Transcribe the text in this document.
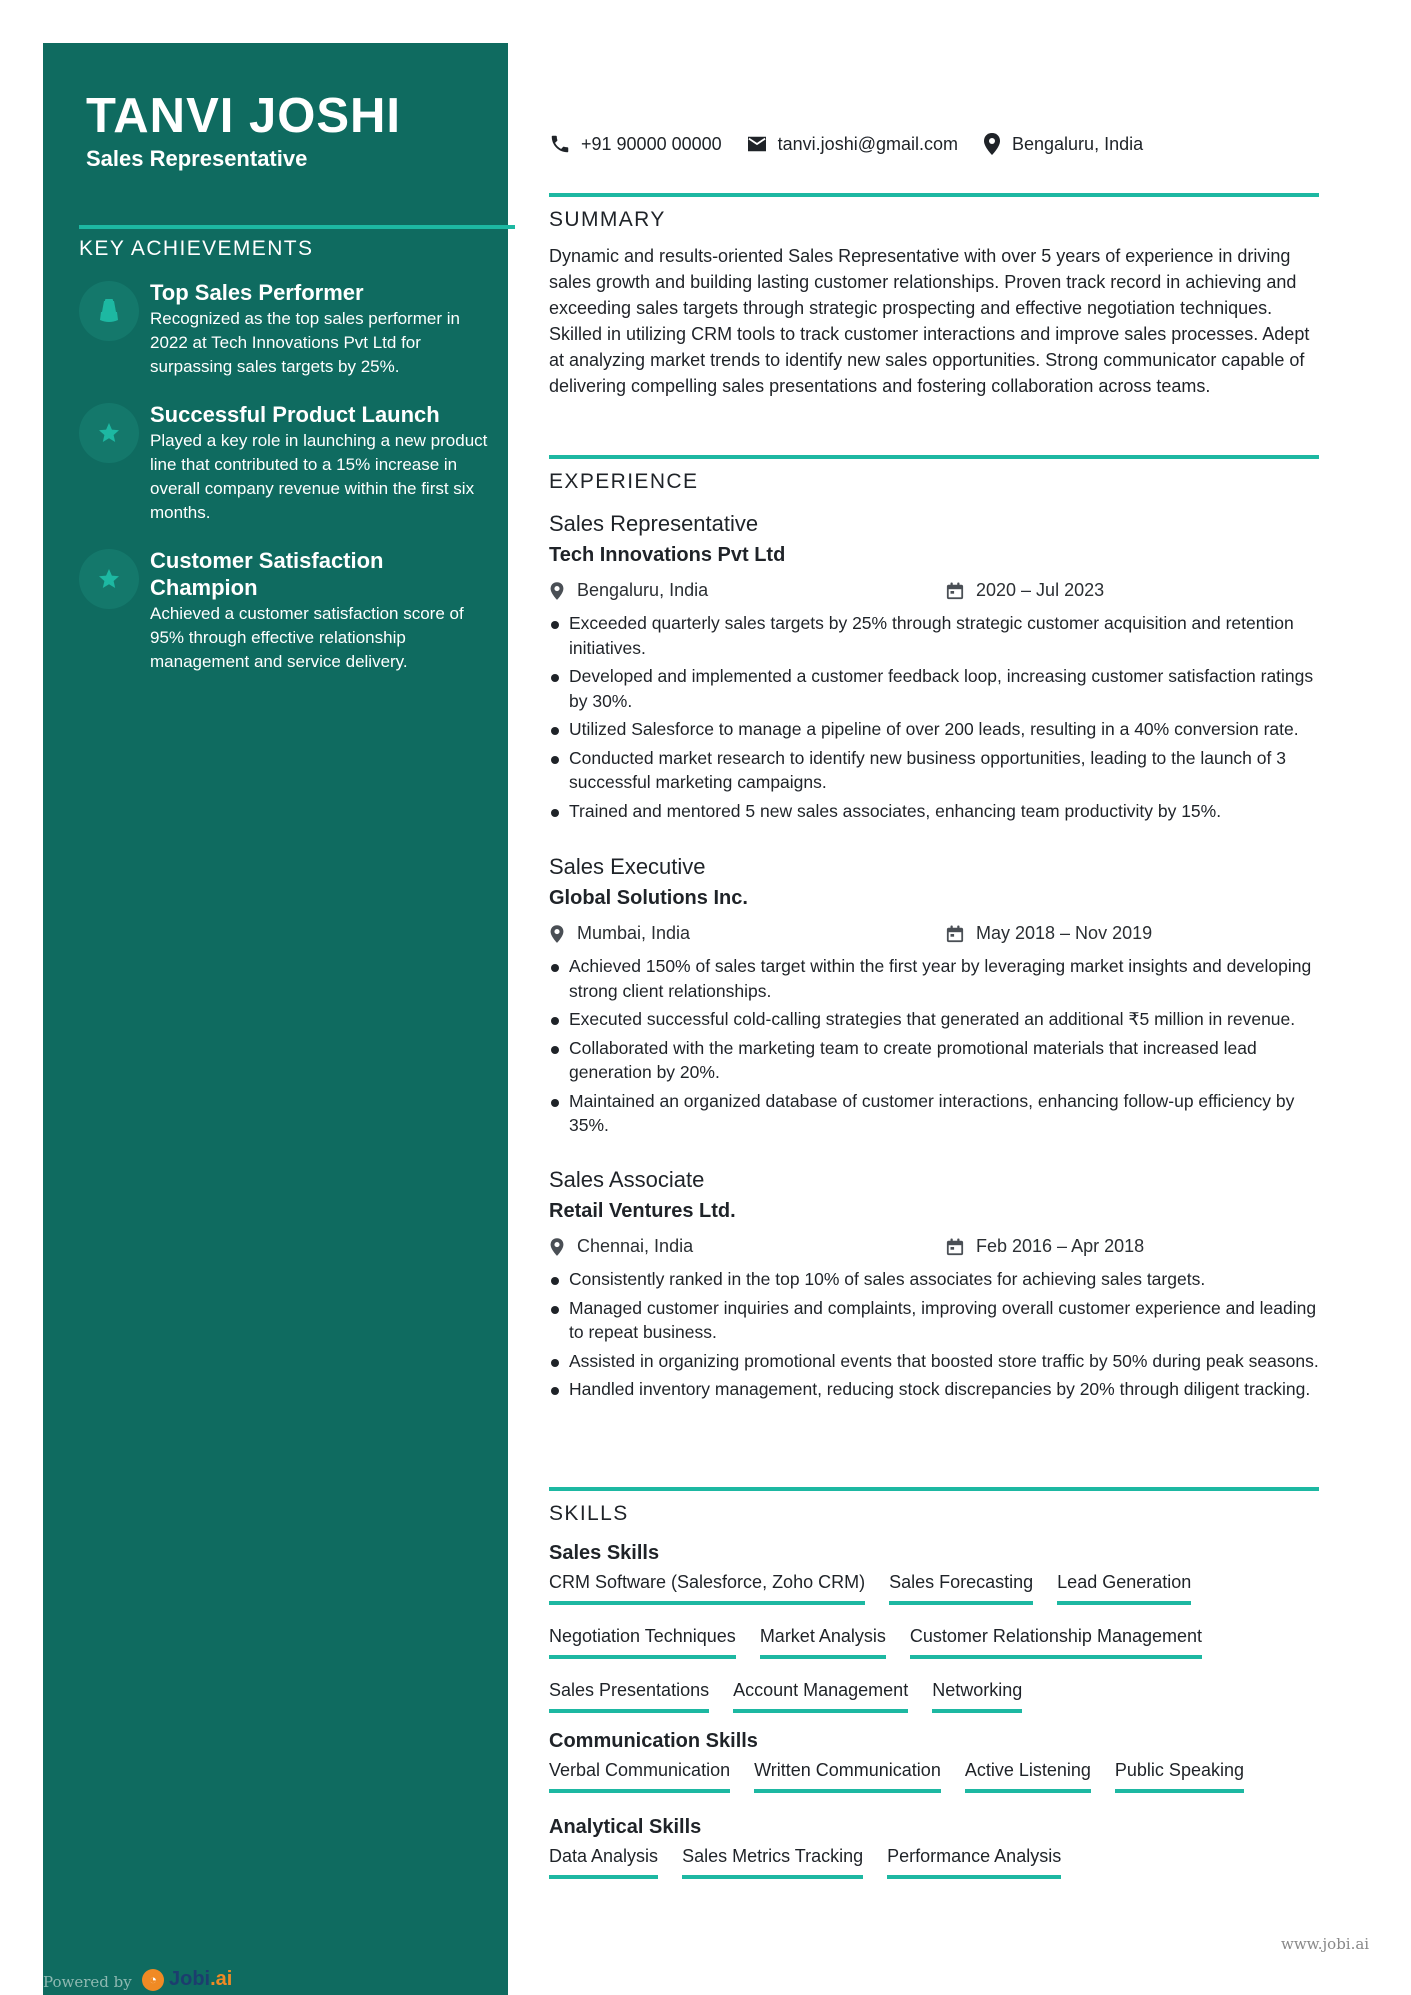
TANVI JOSHI
Sales Representative
KEY ACHIEVEMENTS
Top Sales Performer
Recognized as the top sales performer in 2022 at Tech Innovations Pvt Ltd for surpassing sales targets by 25%.
Successful Product Launch
Played a key role in launching a new product line that contributed to a 15% increase in overall company revenue within the first six months.
Customer Satisfaction Champion
Achieved a customer satisfaction score of 95% through effective relationship management and service delivery.
Powered by	◔ Jobi.ai
www.jobi.ai
+91 90000 00000	tanvi.joshi@gmail.com	Bengaluru, India
SUMMARY
Dynamic and results-oriented Sales Representative with over 5 years of experience in driving sales growth and building lasting customer relationships. Proven track record in achieving and exceeding sales targets through strategic prospecting and effective negotiation techniques. Skilled in utilizing CRM tools to track customer interactions and improve sales processes. Adept at analyzing market trends to identify new sales opportunities. Strong communicator capable of delivering compelling sales presentations and fostering collaboration across teams.
EXPERIENCE
Sales Representative
Tech Innovations Pvt Ltd
Bengaluru, India	2020 – Jul 2023
Exceeded quarterly sales targets by 25% through strategic customer acquisition and retention initiatives.
Developed and implemented a customer feedback loop, increasing customer satisfaction ratings by 30%.
Utilized Salesforce to manage a pipeline of over 200 leads, resulting in a 40% conversion rate.
Conducted market research to identify new business opportunities, leading to the launch of 3 successful marketing campaigns.
Trained and mentored 5 new sales associates, enhancing team productivity by 15%.
Sales Executive
Global Solutions Inc.
Mumbai, India	May 2018 – Nov 2019
Achieved 150% of sales target within the first year by leveraging market insights and developing strong client relationships.
Executed successful cold-calling strategies that generated an additional ₹5 million in revenue.
Collaborated with the marketing team to create promotional materials that increased lead generation by 20%.
Maintained an organized database of customer interactions, enhancing follow-up efficiency by 35%.
Sales Associate
Retail Ventures Ltd.
Chennai, India	Feb 2016 – Apr 2018
Consistently ranked in the top 10% of sales associates for achieving sales targets.
Managed customer inquiries and complaints, improving overall customer experience and leading to repeat business.
Assisted in organizing promotional events that boosted store traffic by 50% during peak seasons.
Handled inventory management, reducing stock discrepancies by 20% through diligent tracking.
SKILLS
Sales Skills
CRM Software (Salesforce, Zoho CRM) Sales Forecasting Lead Generation
Negotiation Techniques Market Analysis Customer Relationship Management
Sales Presentations Account Management Networking
Communication Skills
Verbal Communication Written Communication Active Listening Public Speaking
Analytical Skills
Data Analysis Sales Metrics Tracking Performance Analysis
